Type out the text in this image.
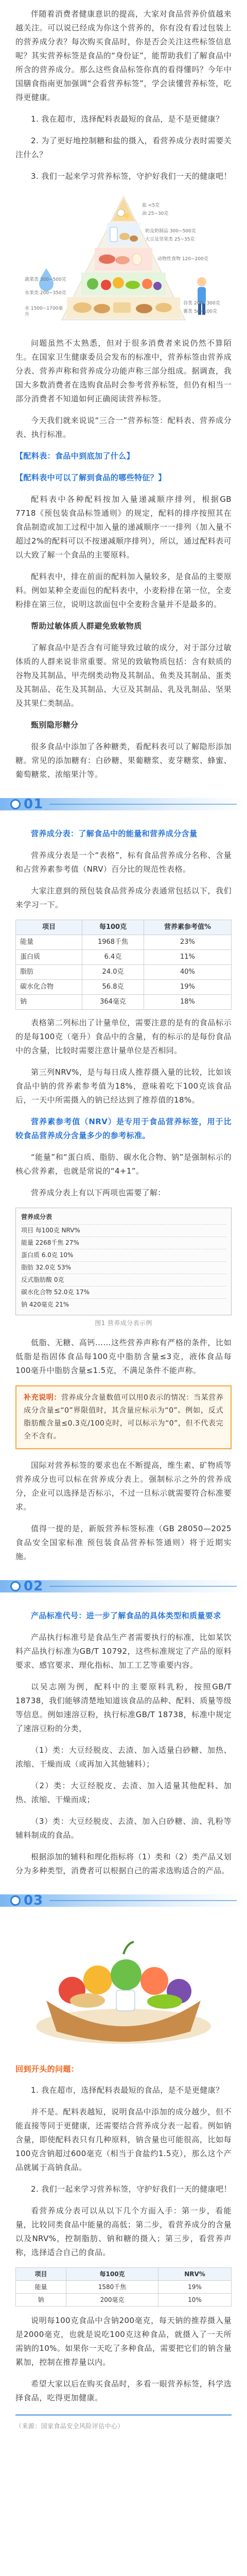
伴随着消费者健康意识的提高，大家对食品营养价值越来越关注。可以说已经成为你这个营养的，你有没有看过包装上的营养成分表？每次购买食品时，你是否会关注这些标签信息呢？其实营养标签是食品的“身份证”，能帮助我们了解食品中所含的营养成分。那么这些食品标签你真的看得懂吗？今年中国膳食指南更加强调“会看营养标签”，学会读懂营养标签，吃得更健康。

1. 我在超市，选择配料表最短的食品，是不是更健康？

2. 为了更好地控制糖和盐的摄入，看营养成分表时需要关注什么？

3. 我们一起来学习营养标签，守护好我们一天的健康吧！

盐 <5克
油 25~30克
奶及奶制品 300~500克
大豆及坚果类 25~35克
动物性食物 120~200克
蔬菜类 300~500克
水果类 200~350克
谷类 200~300克
薯类 50~100克
水 1500~1700毫升

问题虽然不太熟悉，但对于很多消费者来说仍然不算陌生。在国家卫生健康委员会发布的标准中，营养标签由营养成分表、营养声称和营养成分功能声称三部分组成。据调查，我国大多数消费者在选购食品时会参考营养标签，但仍有相当一部分消费者不知道如何正确阅读营养标签。

今天我们就来说说“三合一”营养标签：配料表、营养成分表、执行标准。

【配料表：食品中到底加了什么】

【配料表中可以了解到食品的哪些特征？】

配料表中各种配料按加入量递减顺序排列，根据GB 7718《预包装食品标签通则》的规定，配料的排序按照其在食品制造或加工过程中加入量的递减顺序一一排列（加入量不超过2%的配料可以不按递减顺序排列），所以，通过配料表可以大致了解一个食品的主要原料。

配料表中，排在前面的配料加入量较多，是食品的主要原料。例如某种全麦面包的配料表中，小麦粉排在第一位，全麦粉排在第三位，说明这款面包中全麦粉含量并不是最多的。

帮助过敏体质人群避免致敏物质

了解食品中是否含有可能导致过敏的成分，对于部分过敏体质的人群来说非常重要。常见的致敏物质包括：含有麸质的谷物及其制品、甲壳纲类动物及其制品、鱼类及其制品、蛋类及其制品、花生及其制品、大豆及其制品、乳及乳制品、坚果及其果仁类制品。

甄别隐形糖分

很多食品中添加了各种糖类，看配料表可以了解隐形添加糖。常见的添加糖有：白砂糖、果葡糖浆、麦芽糖浆、蜂蜜、葡萄糖浆、浓缩果汁等。

01

营养成分表：了解食品中的能量和营养成分含量

营养成分表是一个“表格”，标有食品营养成分名称、含量和占营养素参考值（NRV）百分比的规范性表格。

大家注意到的预包装食品营养成分表通常包括以下，我们来学习一下。

项目	每100克	营养素参考值%
能量	1968千焦	23%
蛋白质	6.4克	11%
脂肪	24.0克	40%
碳水化合物	56.8克	19%
钠	364毫克	18%

表格第二列标出了计量单位，需要注意的是有的食品标示的是每100克（毫升）食品中的含量，有的标示的是每份食品中的含量，比较时需要注意计量单位是否相同。

第三列NRV%，是与每日成人推荐摄入量的比较，比如该食品中钠的营养素参考值为18%，意味着吃下100克该食品后，一天中所需摄入的钠已经达到了推荐值的18%。

营养素参考值（NRV）是专用于食品营养标签，用于比较食品营养成分含量多少的参考标准。

“能量”和“蛋白质、脂肪、碳水化合物、钠”是强制标示的核心营养素，也就是常说的“4+1”。

营养成分表上有以下两项也需要了解：

营养成分表
项目 每100克 NRV%
能量 2268千焦 27%
蛋白质 6.0克 10%
脂肪 32.0克 53%
反式脂肪酸 0克
碳水化合物 52.0克 17%
钠 420毫克 21%

图1 营养成分表示例

低脂、无糖、高钙……这些营养声称有严格的条件，比如低脂是指固体食品每100克中脂肪含量≤3克，液体食品每100毫升中脂肪含量≤1.5克，不满足条件不能声称。

补充说明：营养成分含量数值可以用0表示的情况：当某营养成分含量≤“0”界限值时，其含量应标示为“0”。例如，反式脂肪酸含量≤0.3克/100克时，可以标示为“0”，但不代表完全不含有。

国际对营养标签的要求也在不断提高，维生素、矿物质等营养成分也可以标在营养成分表上。强制标示之外的营养成分，企业可以选择是否标示，不过一旦标示就需要符合标准要求。

值得一提的是，新版营养标签标准（GB 28050—2025 食品安全国家标准 预包装食品营养标签通则）将于近期实施。

02

产品标准代号：进一步了解食品的具体类型和质量要求

产品执行标准号是食品生产者需要执行的标准，比如某饮料产品执行标准为GB/T 10792，这些标准规定了产品的原料要求、感官要求、理化指标、加工工艺等重要内容。

以吴志刚为例，配料中的主要原料乳粉，按照GB/T 18738，我们能够清楚地知道该食品的品种、配料、质量等级等信息。例如速溶豆粉，执行标准GB/T 18738，标准中规定了速溶豆粉的分类，

（1）类：大豆经脱皮、去渣、加入适量白砂糖、加热、浓缩、干燥而成（或再加入其他辅料）；

（2）类：大豆经脱皮、去渣、加入适量其他配料、加热、浓缩、干燥而成；

（3）类：大豆经脱皮、去渣、加入白砂糖、油、乳粉等辅料制成的食品。

根据添加的辅料和理化指标将（1）类和（2）类产品又划分为多种类型，消费者可以根据自己的需求选购适合的产品。

03

回到开头的问题：

1. 我在超市，选择配料表最短的食品，是不是更健康？

并不是。配料表越短，说明食品中添加的成分越少，但不能直接等同于更健康，还需要结合营养成分表一起看。例如钠含量，即使配料表只有几种原料，钠含量也可能很高，比如每100克含钠超过600毫克（相当于食盐约1.5克），那么这个产品就属于高钠食品。

2. 我们一起来学习营养标签，守护好我们一天的健康吧！

看营养成分表可以从以下几个方面入手：第一步，看能量，比较同类食品中能量的高低；第二步，看营养成分的含量以及NRV%，控制脂肪、钠和糖的摄入；第三步，看营养声称，选择适合自己的食品。

项目	每100克	NRV%
能量	1580千焦	19%
钠	200毫克	10%

说明每100克食品中含钠200毫克，每天钠的推荐摄入量是2000毫克，也就是说吃100克这种食品，就摄入了一天所需钠的10%。如果你一天吃了多种食品，需要把它们的钠含量累加，控制在推荐量以内。

希望大家以后在购买食品时，多看一眼营养标签，科学选择食品，吃得更加健康。

（来源：国家食品安全风险评估中心）
